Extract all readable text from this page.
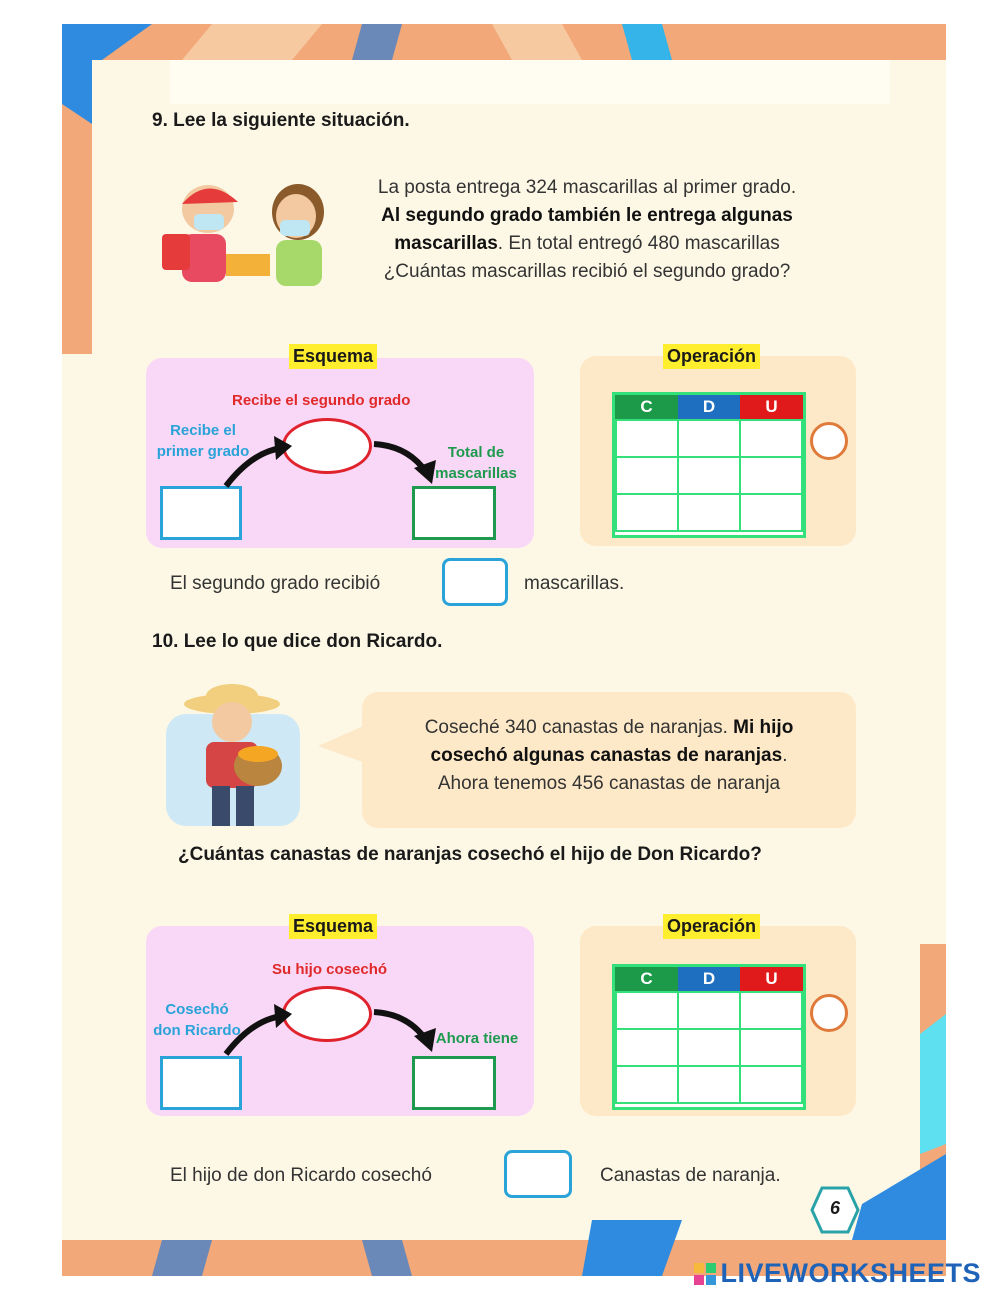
9. Lee la siguiente situación.
La posta entrega 324 mascarillas al primer grado.
Al segundo grado también le entrega algunas
mascarillas. En total entregó 480 mascarillas
¿Cuántas mascarillas recibió el segundo grado?
Esquema
Recibe el segundo grado
Recibe el
primer grado	Total de
mascarillas
Operación
C	D	U
El segundo grado recibió	mascarillas.
10. Lee lo que dice don Ricardo.
Coseché 340 canastas de naranjas. Mi hijo
cosechó algunas canastas de naranjas.
Ahora tenemos 456 canastas de naranja
¿Cuántas canastas de naranjas cosechó el hijo de Don Ricardo?
Esquema
Su hijo cosechó
Cosechó
don Ricardo	Ahora tiene
Operación
C	D	U
El hijo de don Ricardo cosechó	Canastas de naranja.
6
LIVEWORKSHEETS
